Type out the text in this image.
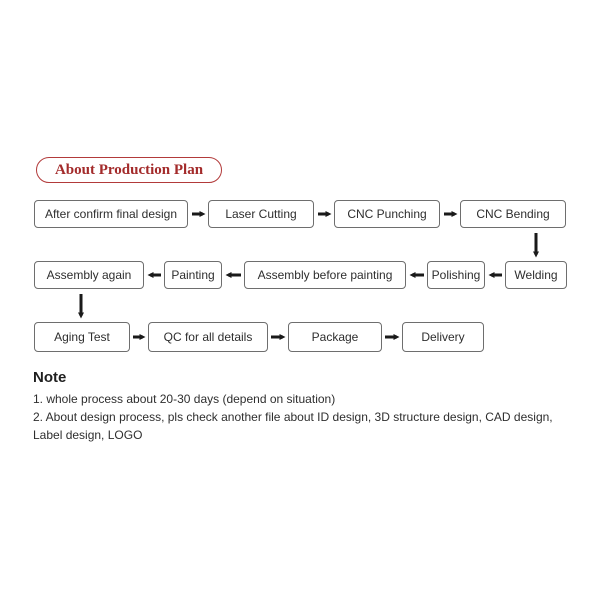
About Production Plan
After confirm final design	Laser Cutting	CNC Punching	CNC Bending
Welding
Polishing
Assembly before painting
Painting
Assembly again
Aging Test	QC for all details	Package	Delivery
Note
1. whole process about 20-30 days (depend on situation)
2. About design process, pls check another file about ID design, 3D structure design, CAD design, Label design, LOGO
